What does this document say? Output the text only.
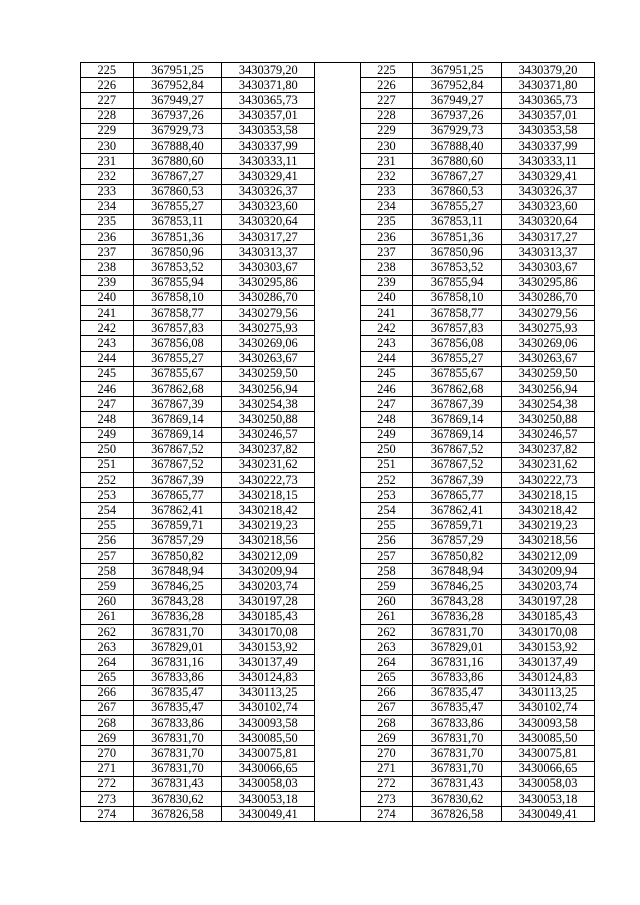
225	367951,25	3430379,20		225	367951,25	3430379,20
226	367952,84	3430371,80		226	367952,84	3430371,80
227	367949,27	3430365,73		227	367949,27	3430365,73
228	367937,26	3430357,01		228	367937,26	3430357,01
229	367929,73	3430353,58		229	367929,73	3430353,58
230	367888,40	3430337,99		230	367888,40	3430337,99
231	367880,60	3430333,11		231	367880,60	3430333,11
232	367867,27	3430329,41		232	367867,27	3430329,41
233	367860,53	3430326,37		233	367860,53	3430326,37
234	367855,27	3430323,60		234	367855,27	3430323,60
235	367853,11	3430320,64		235	367853,11	3430320,64
236	367851,36	3430317,27		236	367851,36	3430317,27
237	367850,96	3430313,37		237	367850,96	3430313,37
238	367853,52	3430303,67		238	367853,52	3430303,67
239	367855,94	3430295,86		239	367855,94	3430295,86
240	367858,10	3430286,70		240	367858,10	3430286,70
241	367858,77	3430279,56		241	367858,77	3430279,56
242	367857,83	3430275,93		242	367857,83	3430275,93
243	367856,08	3430269,06		243	367856,08	3430269,06
244	367855,27	3430263,67		244	367855,27	3430263,67
245	367855,67	3430259,50		245	367855,67	3430259,50
246	367862,68	3430256,94		246	367862,68	3430256,94
247	367867,39	3430254,38		247	367867,39	3430254,38
248	367869,14	3430250,88		248	367869,14	3430250,88
249	367869,14	3430246,57		249	367869,14	3430246,57
250	367867,52	3430237,82		250	367867,52	3430237,82
251	367867,52	3430231,62		251	367867,52	3430231,62
252	367867,39	3430222,73		252	367867,39	3430222,73
253	367865,77	3430218,15		253	367865,77	3430218,15
254	367862,41	3430218,42		254	367862,41	3430218,42
255	367859,71	3430219,23		255	367859,71	3430219,23
256	367857,29	3430218,56		256	367857,29	3430218,56
257	367850,82	3430212,09		257	367850,82	3430212,09
258	367848,94	3430209,94		258	367848,94	3430209,94
259	367846,25	3430203,74		259	367846,25	3430203,74
260	367843,28	3430197,28		260	367843,28	3430197,28
261	367836,28	3430185,43		261	367836,28	3430185,43
262	367831,70	3430170,08		262	367831,70	3430170,08
263	367829,01	3430153,92		263	367829,01	3430153,92
264	367831,16	3430137,49		264	367831,16	3430137,49
265	367833,86	3430124,83		265	367833,86	3430124,83
266	367835,47	3430113,25		266	367835,47	3430113,25
267	367835,47	3430102,74		267	367835,47	3430102,74
268	367833,86	3430093,58		268	367833,86	3430093,58
269	367831,70	3430085,50		269	367831,70	3430085,50
270	367831,70	3430075,81		270	367831,70	3430075,81
271	367831,70	3430066,65		271	367831,70	3430066,65
272	367831,43	3430058,03		272	367831,43	3430058,03
273	367830,62	3430053,18		273	367830,62	3430053,18
274	367826,58	3430049,41		274	367826,58	3430049,41
